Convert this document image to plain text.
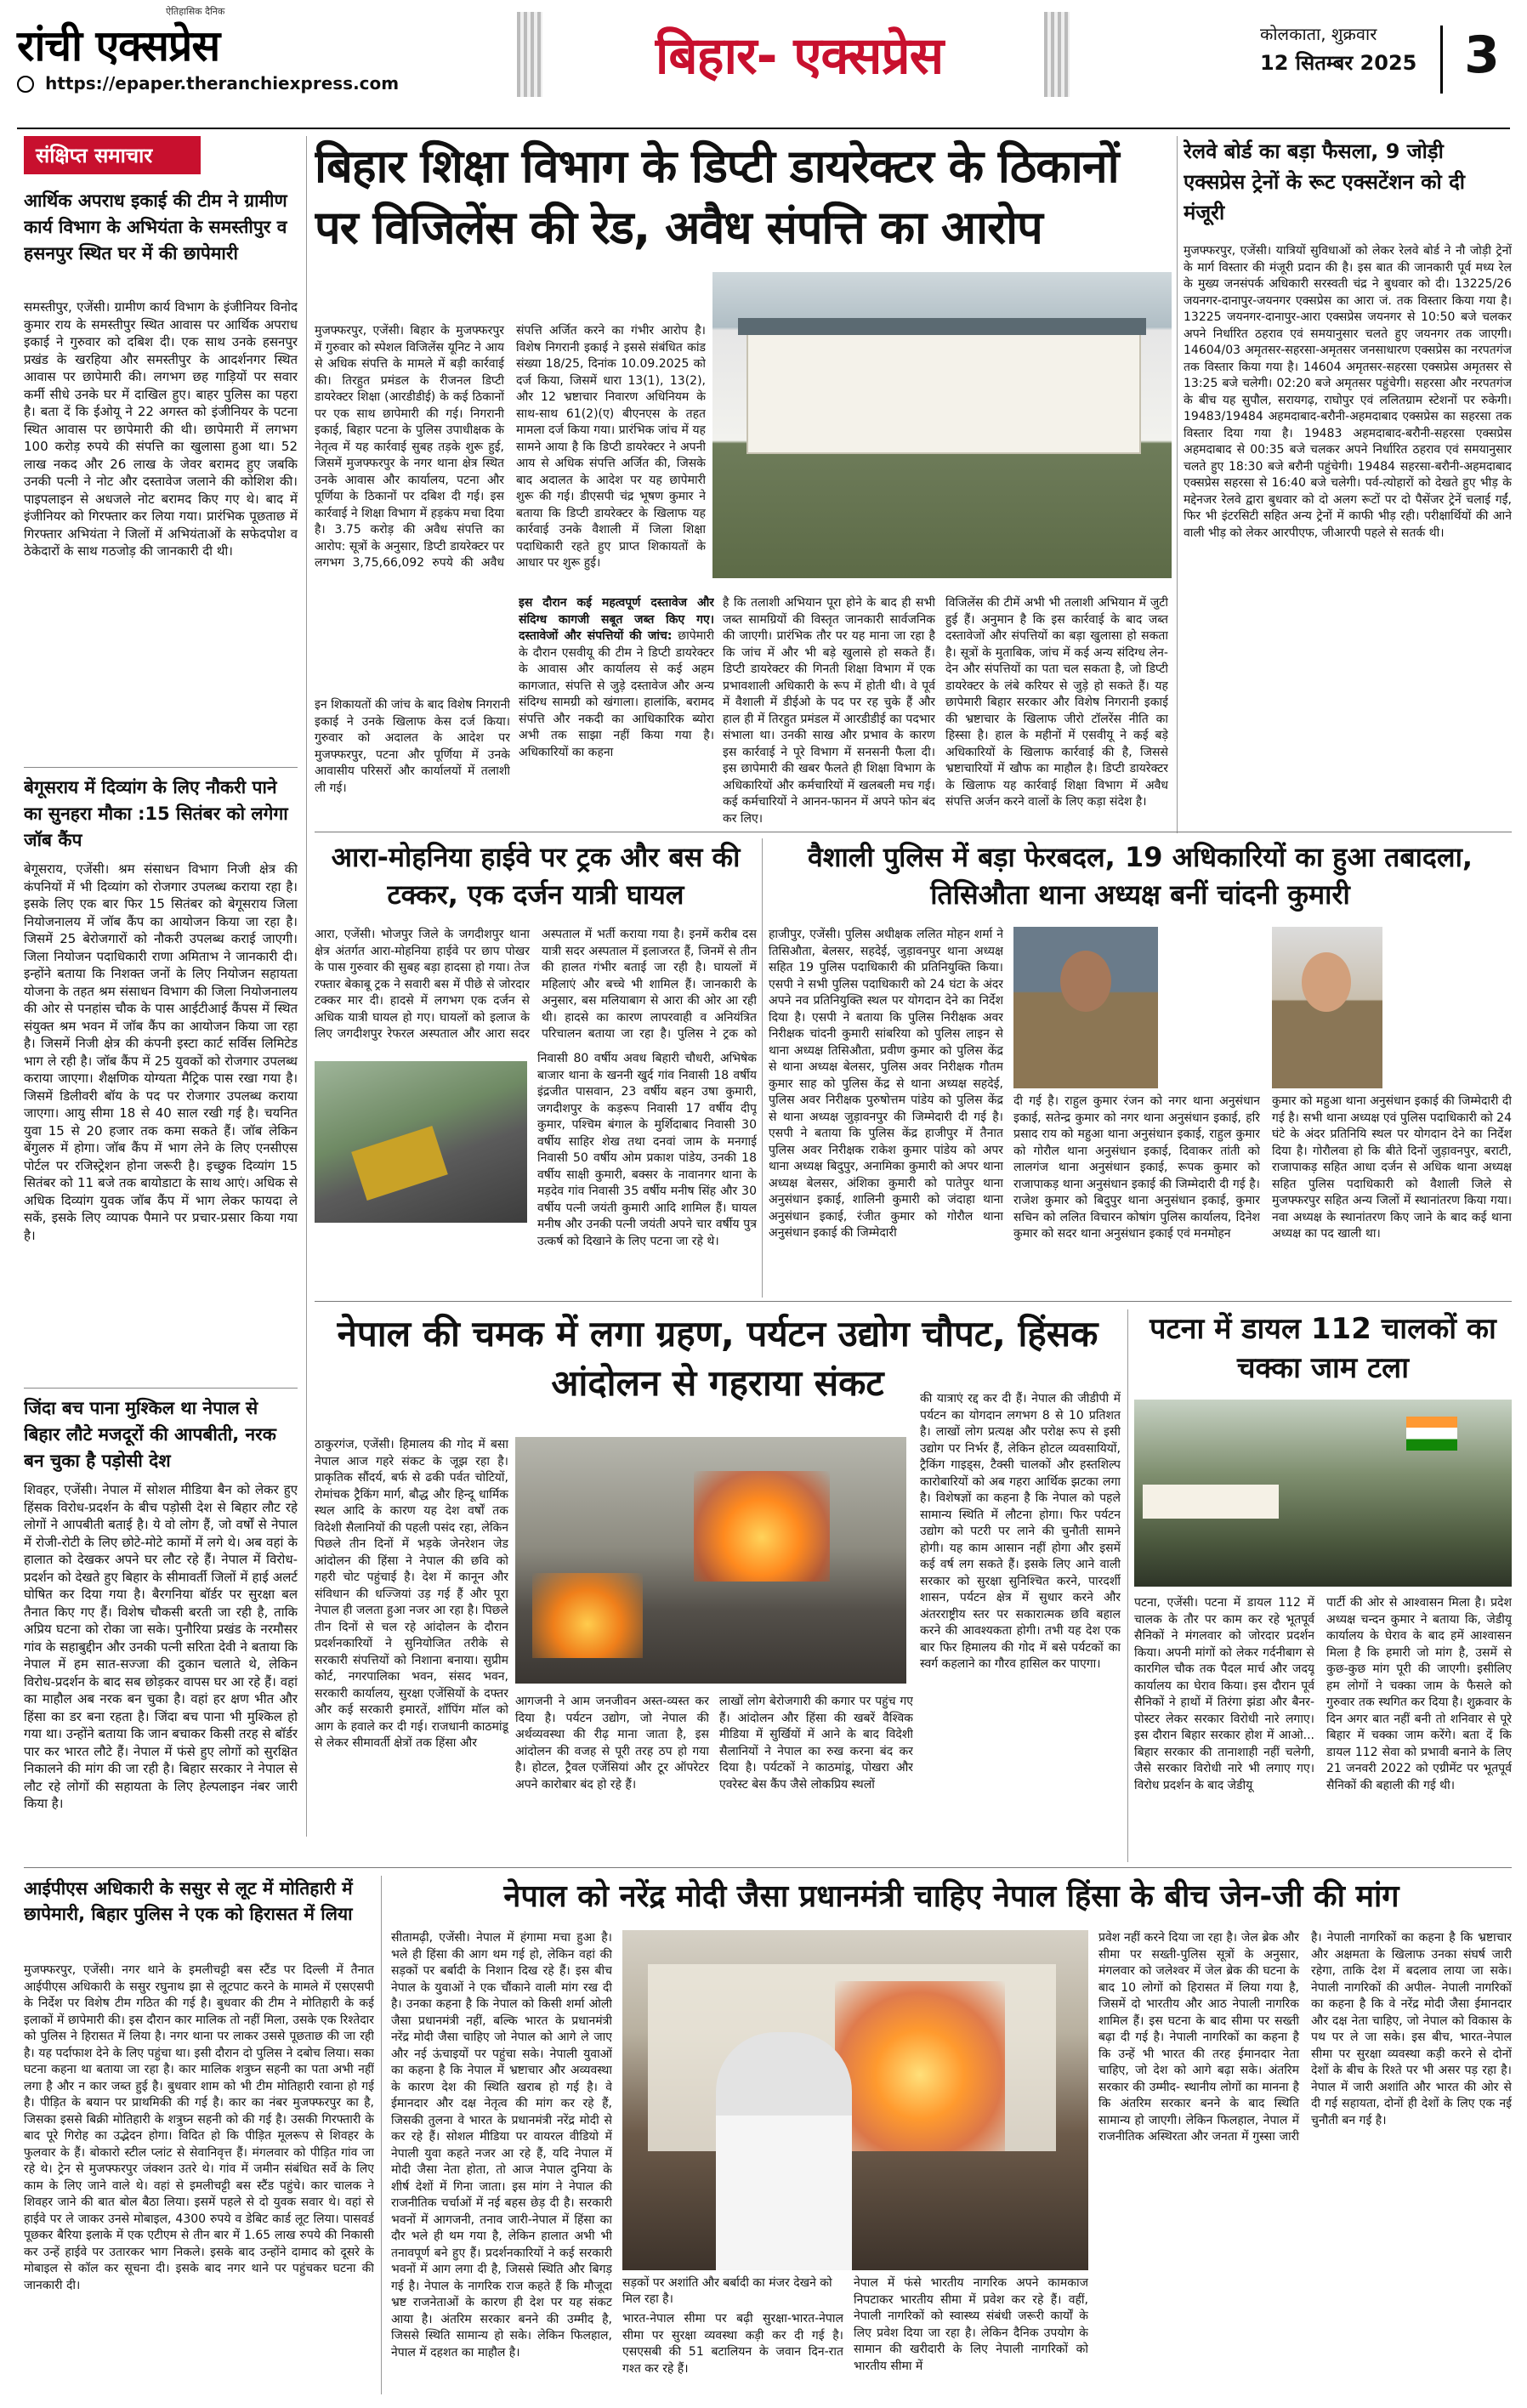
ऐतिहासिक दैनिक
रांची एक्सप्रेस
https://epaper.theranchiexpress.com	बिहार- एक्सप्रेस	कोलकाता, शुक्रवार
12 सितम्बर 2025 3
संक्षिप्त समाचार
आर्थिक अपराध इकाई की टीम ने ग्रामीण कार्य विभाग के अभियंता के समस्तीपुर व हसनपुर स्थित घर में की छापेमारी
समस्तीपुर, एजेंसी। ग्रामीण कार्य विभाग के इंजीनियर विनोद कुमार राय के समस्तीपुर स्थित आवास पर आर्थिक अपराध इकाई ने गुरुवार को दबिश दी। एक साथ उनके हसनपुर प्रखंड के खरहिया और समस्तीपुर के आदर्शनगर स्थित आवास पर छापेमारी की। लगभग छह गाड़ियों पर सवार कर्मी सीधे उनके घर में दाखिल हुए। बाहर पुलिस का पहरा है। बता दें कि ईओयू ने 22 अगस्त को इंजीनियर के पटना स्थित आवास पर छापेमारी की थी। छापेमारी में लगभग 100 करोड़ रुपये की संपत्ति का खुलासा हुआ था। 52 लाख नकद और 26 लाख के जेवर बरामद हुए जबकि उनकी पत्नी ने नोट और दस्तावेज जलाने की कोशिश की। पाइपलाइन से अधजले नोट बरामद किए गए थे। बाद में इंजीनियर को गिरफ्तार कर लिया गया। प्रारंभिक पूछताछ में गिरफ्तार अभियंता ने जिलों में अभियंताओं के सफेदपोश व ठेकेदारों के साथ गठजोड़ की जानकारी दी थी।
बेगूसराय में दिव्यांग के लिए नौकरी पाने का सुनहरा मौका :15 सितंबर को लगेगा जॉब कैंप
बेगूसराय, एजेंसी। श्रम संसाधन विभाग निजी क्षेत्र की कंपनियों में भी दिव्यांग को रोजगार उपलब्ध कराया रहा है। इसके लिए एक बार फिर 15 सितंबर को बेगूसराय जिला नियोजनालय में जॉब कैंप का आयोजन किया जा रहा है। जिसमें 25 बेरोजगारों को नौकरी उपलब्ध कराई जाएगी। जिला नियोजन पदाधिकारी राणा अमिताभ ने जानकारी दी। इन्होंने बताया कि निशक्त जनों के लिए नियोजन सहायता योजना के तहत श्रम संसाधन विभाग की जिला नियोजनालय की ओर से पनहांस चौक के पास आईटीआई कैंपस में स्थित संयुक्त श्रम भवन में जॉब कैंप का आयोजन किया जा रहा है। जिसमें निजी क्षेत्र की कंपनी इस्टा कार्ट सर्विस लिमिटेड भाग ले रही है। जॉब कैंप में 25 युवकों को रोजगार उपलब्ध कराया जाएगा। शैक्षणिक योग्यता मैट्रिक पास रखा गया है। जिसमें डिलीवरी बॉय के पद पर रोजगार उपलब्ध कराया जाएगा। आयु सीमा 18 से 40 साल रखी गई है। चयनित युवा 15 से 20 हजार तक कमा सकते हैं। जॉब लेकिन बेंगुलरु में होगा। जॉब कैंप में भाग लेने के लिए एनसीएस पोर्टल पर रजिस्ट्रेशन होना जरूरी है। इच्छुक दिव्यांग 15 सितंबर को 11 बजे तक बायोडाटा के साथ आएं। अधिक से अधिक दिव्यांग युवक जॉब कैंप में भाग लेकर फायदा ले सकें, इसके लिए व्यापक पैमाने पर प्रचार-प्रसार किया गया है।
जिंदा बच पाना मुश्किल था नेपाल से बिहार लौटे मजदूरों की आपबीती, नरक बन चुका है पड़ोसी देश
शिवहर, एजेंसी। नेपाल में सोशल मीडिया बैन को लेकर हुए हिंसक विरोध-प्रदर्शन के बीच पड़ोसी देश से बिहार लौट रहे लोगों ने आपबीती बताई है। ये वो लोग हैं, जो वर्षों से नेपाल में रोजी-रोटी के लिए छोटे-मोटे कामों में लगे थे। अब वहां के हालात को देखकर अपने घर लौट रहे हैं। नेपाल में विरोध-प्रदर्शन को देखते हुए बिहार के सीमावर्ती जिलों में हाई अलर्ट घोषित कर दिया गया है। बैरगनिया बॉर्डर पर सुरक्षा बल तैनात किए गए हैं। विशेष चौकसी बरती जा रही है, ताकि अप्रिय घटना को रोका जा सके। पुनौरिया प्रखंड के नरमौसर गांव के सहाबुद्दीन और उनकी पत्नी सरिता देवी ने बताया कि नेपाल में हम सात-सज्जा की दुकान चलाते थे, लेकिन विरोध-प्रदर्शन के बाद सब छोड़कर वापस घर आ रहे हैं। वहां का माहौल अब नरक बन चुका है। वहां हर क्षण भीत और हिंसा का डर बना रहता है। जिंदा बच पाना भी मुश्किल हो गया था। उन्होंने बताया कि जान बचाकर किसी तरह से बॉर्डर पार कर भारत लौटे हैं। नेपाल में फंसे हुए लोगों को सुरक्षित निकालने की मांग की जा रही है। बिहार सरकार ने नेपाल से लौट रहे लोगों की सहायता के लिए हेल्पलाइन नंबर जारी किया है।
बिहार शिक्षा विभाग के डिप्टी डायरेक्टर के ठिकानों पर विजिलेंस की रेड, अवैध संपत्ति का आरोप
मुजफ्फरपुर, एजेंसी। बिहार के मुजफ्फरपुर में गुरुवार को स्पेशल विजिलेंस यूनिट ने आय से अधिक संपत्ति के मामले में बड़ी कार्रवाई की। तिरहुत प्रमंडल के रीजनल डिप्टी डायरेक्टर शिक्षा (आरडीडीई) के कई ठिकानों पर एक साथ छापेमारी की गई। निगरानी इकाई, बिहार पटना के पुलिस उपाधीक्षक के नेतृत्व में यह कार्रवाई सुबह तड़के शुरू हुई, जिसमें मुजफ्फरपुर के नगर थाना क्षेत्र स्थित उनके आवास और कार्यालय, पटना और पूर्णिया के ठिकानों पर दबिश दी गई। इस कार्रवाई ने शिक्षा विभाग में हड़कंप मचा दिया है। 3.75 करोड़ की अवैध संपत्ति का आरोप: सूत्रों के अनुसार, डिप्टी डायरेक्टर पर लगभग 3,75,66,092 रुपये की अवैध संपत्ति अर्जित करने का गंभीर आरोप है। विशेष निगरानी इकाई ने इससे संबंधित कांड संख्या 18/25, दिनांक 10.09.2025 को दर्ज किया, जिसमें धारा 13(1), 13(2), और 12 भ्रष्टाचार निवारण अधिनियम के साथ-साथ 61(2)(ए) बीएनएस के तहत मामला दर्ज किया गया। प्रारंभिक जांच में यह सामने आया है कि डिप्टी डायरेक्टर ने अपनी आय से अधिक संपत्ति अर्जित की, जिसके बाद अदालत के आदेश पर यह छापेमारी शुरू की गई। डीएसपी चंद्र भूषण कुमार ने बताया कि डिप्टी डायरेक्टर के खिलाफ यह कार्रवाई उनके वैशाली में जिला शिक्षा पदाधिकारी रहते हुए प्राप्त शिकायतों के आधार पर शुरू हुई।
इन शिकायतों की जांच के बाद विशेष निगरानी इकाई ने उनके खिलाफ केस दर्ज किया। गुरुवार को अदालत के आदेश पर मुजफ्फरपुर, पटना और पूर्णिया में उनके आवासीय परिसरों और कार्यालयों में तलाशी ली गई।
इस दौरान कई महत्वपूर्ण दस्तावेज और संदिग्ध कागजी सबूत जब्त किए गए। दस्तावेजों और संपत्तियों की जांच: छापेमारी के दौरान एसवीयू की टीम ने डिप्टी डायरेक्टर के आवास और कार्यालय से कई अहम कागजात, संपत्ति से जुड़े दस्तावेज और अन्य संदिग्ध सामग्री को खंगाला। हालांकि, बरामद संपत्ति और नकदी का आधिकारिक ब्योरा अभी तक साझा नहीं किया गया है। अधिकारियों का कहना
है कि तलाशी अभियान पूरा होने के बाद ही सभी जब्त सामग्रियों की विस्तृत जानकारी सार्वजनिक की जाएगी। प्रारंभिक तौर पर यह माना जा रहा है कि जांच में और भी बड़े खुलासे हो सकते हैं। डिप्टी डायरेक्टर की गिनती शिक्षा विभाग में एक प्रभावशाली अधिकारी के रूप में होती थी। वे पूर्व में वैशाली में डीईओ के पद पर रह चुके हैं और हाल ही में तिरहुत प्रमंडल में आरडीडीई का पदभार संभाला था। उनकी साख और प्रभाव के कारण इस कार्रवाई ने पूरे विभाग में सनसनी फैला दी। इस छापेमारी की खबर फैलते ही शिक्षा विभाग के अधिकारियों और कर्मचारियों में खलबली मच गई। कई कर्मचारियों ने आनन-फानन में अपने फोन बंद कर लिए।
विजिलेंस की टीमें अभी भी तलाशी अभियान में जुटी हुई हैं। अनुमान है कि इस कार्रवाई के बाद जब्त दस्तावेजों और संपत्तियों का बड़ा खुलासा हो सकता है। सूत्रों के मुताबिक, जांच में कई अन्य संदिग्ध लेन-देन और संपत्तियों का पता चल सकता है, जो डिप्टी डायरेक्टर के लंबे करियर से जुड़े हो सकते हैं। यह छापेमारी बिहार सरकार और विशेष निगरानी इकाई की भ्रष्टाचार के खिलाफ जीरो टॉलरेंस नीति का हिस्सा है। हाल के महीनों में एसवीयू ने कई बड़े अधिकारियों के खिलाफ कार्रवाई की है, जिससे भ्रष्टाचारियों में खौफ का माहौल है। डिप्टी डायरेक्टर के खिलाफ यह कार्रवाई शिक्षा विभाग में अवैध संपत्ति अर्जन करने वालों के लिए कड़ा संदेश है।
रेलवे बोर्ड का बड़ा फैसला, 9 जोड़ी एक्सप्रेस ट्रेनों के रूट एक्सटेंशन को दी मंजूरी
मुजफ्फरपुर, एजेंसी। यात्रियों सुविधाओं को लेकर रेलवे बोर्ड ने नौ जोड़ी ट्रेनों के मार्ग विस्तार की मंजूरी प्रदान की है। इस बात की जानकारी पूर्व मध्य रेल के मुख्य जनसंपर्क अधिकारी सरस्वती चंद्र ने बुधवार को दी। 13225/26 जयनगर-दानापुर-जयनगर एक्सप्रेस का आरा जं. तक विस्तार किया गया है। 13225 जयनगर-दानापुर-आरा एक्सप्रेस जयनगर से 10:50 बजे चलकर अपने निर्धारित ठहराव एवं समयानुसार चलते हुए जयनगर तक जाएगी। 14604/03 अमृतसर-सहरसा-अमृतसर जनसाधारण एक्सप्रेस का नरपतगंज तक विस्तार किया गया है। 14604 अमृतसर-सहरसा एक्सप्रेस अमृतसर से 13:25 बजे चलेगी। 02:20 बजे अमृतसर पहुंचेगी। सहरसा और नरपतगंज के बीच यह सुपौल, सरायगढ़, राघोपुर एवं ललितग्राम स्टेशनों पर रुकेगी। 19483/19484 अहमदाबाद-बरौनी-अहमदाबाद एक्सप्रेस का सहरसा तक विस्तार दिया गया है। 19483 अहमदाबाद-बरौनी-सहरसा एक्सप्रेस अहमदाबाद से 00:35 बजे चलकर अपने निर्धारित ठहराव एवं समयानुसार चलते हुए 18:30 बजे बरौनी पहुंचेगी। 19484 सहरसा-बरौनी-अहमदाबाद एक्सप्रेस सहरसा से 16:40 बजे चलेगी। पर्व-त्योहारों को देखते हुए भीड़ के मद्देनजर रेलवे द्वारा बुधवार को दो अलग रूटों पर दो पैसेंजर ट्रेनें चलाई गईं, फिर भी इंटरसिटी सहित अन्य ट्रेनों में काफी भीड़ रही। परीक्षार्थियों की आने वाली भीड़ को लेकर आरपीएफ, जीआरपी पहले से सतर्क थी।
आरा-मोहनिया हाईवे पर ट्रक और बस की टक्कर, एक दर्जन यात्री घायल
आरा, एजेंसी। भोजपुर जिले के जगदीशपुर थाना क्षेत्र अंतर्गत आरा-मोहनिया हाईवे पर छाप पोखर के पास गुरुवार की सुबह बड़ा हादसा हो गया। तेज रफ्तार बेकाबू ट्रक ने सवारी बस में पीछे से जोरदार टक्कर मार दी। हादसे में लगभग एक दर्जन से अधिक यात्री घायल हो गए। घायलों को इलाज के लिए जगदीशपुर रेफरल अस्पताल और आरा सदर अस्पताल में भर्ती कराया गया है। इनमें करीब दस यात्री सदर अस्पताल में इलाजरत हैं, जिनमें से तीन की हालत गंभीर बताई जा रही है। घायलों में महिलाएं और बच्चे भी शामिल हैं। जानकारी के अनुसार, बस मलियाबाग से आरा की ओर आ रही थी। हादसे का कारण लापरवाही व अनियंत्रित परिचालन बताया जा रहा है। पुलिस ने ट्रक को
निवासी 80 वर्षीय अवध बिहारी चौधरी, अभिषेक बाजार थाना के खननी खुर्द गांव निवासी 18 वर्षीय इंद्रजीत पासवान, 23 वर्षीय बहन उषा कुमारी, जगदीशपुर के कड़रूप निवासी 17 वर्षीय दीपू कुमार, पश्चिम बंगाल के मुर्शिदाबाद निवासी 30 वर्षीय साहिर शेख तथा दनवां जाम के मनगाई निवासी 50 वर्षीय ओम प्रकाश पांडेय, उनकी 18 वर्षीय साक्षी कुमारी, बक्सर के नावानगर थाना के मड़देव गांव निवासी 35 वर्षीय मनीष सिंह और 30 वर्षीय पत्नी जयंती कुमारी आदि शामिल हैं। घायल मनीष और उनकी पत्नी जयंती अपने चार वर्षीय पुत्र उत्कर्ष को दिखाने के लिए पटना जा रहे थे।
वैशाली पुलिस में बड़ा फेरबदल, 19 अधिकारियों का हुआ तबादला, तिसिऔता थाना अध्यक्ष बनीं चांदनी कुमारी
हाजीपुर, एजेंसी। पुलिस अधीक्षक ललित मोहन शर्मा ने तिसिऔता, बेलसर, सहदेई, जुड़ावनपुर थाना अध्यक्ष सहित 19 पुलिस पदाधिकारी की प्रतिनियुक्ति किया। एसपी ने सभी पुलिस पदाधिकारी को 24 घंटा के अंदर अपने नव प्रतिनियुक्ति स्थल पर योगदान देने का निर्देश दिया है। एसपी ने बताया कि पुलिस निरीक्षक अवर निरीक्षक चांदनी कुमारी सांबरिया को पुलिस लाइन से थाना अध्यक्ष तिसिऔता, प्रवीण कुमार को पुलिस केंद्र से थाना अध्यक्ष बेलसर, पुलिस अवर निरीक्षक गौतम कुमार साह को पुलिस केंद्र से थाना अध्यक्ष सहदेई, पुलिस अवर निरीक्षक पुरुषोत्तम पांडेय को पुलिस केंद्र से थाना अध्यक्ष जुड़ावनपुर की जिम्मेदारी दी गई है। एसपी ने बताया कि पुलिस केंद्र हाजीपुर में तैनात पुलिस अवर निरीक्षक राकेश कुमार पांडेय को अपर थाना अध्यक्ष बिदुपुर, अनामिका कुमारी को अपर थाना अध्यक्ष बेलसर, अंशिका कुमारी को पातेपुर थाना अनुसंधान इकाई, शालिनी कुमारी को जंदाहा थाना अनुसंधान इकाई, रंजीत कुमार को गोरौल थाना अनुसंधान इकाई की जिम्मेदारी
दी गई है। राहुल कुमार रंजन को नगर थाना अनुसंधान इकाई, सतेन्द्र कुमार को नगर थाना अनुसंधान इकाई, हरि प्रसाद राय को महुआ थाना अनुसंधान इकाई, राहुल कुमार को गोरौल थाना अनुसंधान इकाई, दिवाकर तांती को लालगंज थाना अनुसंधान इकाई, रूपक कुमार को राजापाकड़ थाना अनुसंधान इकाई की जिम्मेदारी दी गई है। राजेश कुमार को बिदुपुर थाना अनुसंधान इकाई, कुमार सचिन को ललित विचारन कोषांग पुलिस कार्यालय, दिनेश कुमार को सदर थाना अनुसंधान इकाई एवं मनमोहन
कुमार को महुआ थाना अनुसंधान इकाई की जिम्मेदारी दी गई है। सभी थाना अध्यक्ष एवं पुलिस पदाधिकारी को 24 घंटे के अंदर प्रतिनियि स्थल पर योगदान देने का निर्देश दिया है। गोरौलवा हो कि बीते दिनों जुड़ावनपुर, बराटी, राजापाकड़ सहित आधा दर्जन से अधिक थाना अध्यक्ष सहित पुलिस पदाधिकारी को वैशाली जिले से मुजफ्फरपुर सहित अन्य जिलों में स्थानांतरण किया गया। नवा अध्यक्ष के स्थानांतरण किए जाने के बाद कई थाना अध्यक्ष का पद खाली था।
नेपाल की चमक में लगा ग्रहण, पर्यटन उद्योग चौपट, हिंसक आंदोलन से गहराया संकट
ठाकुरगंज, एजेंसी। हिमालय की गोद में बसा नेपाल आज गहरे संकट के जूझ रहा है। प्राकृतिक सौंदर्य, बर्फ से ढकी पर्वत चोटियों, रोमांचक ट्रैकिंग मार्ग, बौद्ध और हिन्दू धार्मिक स्थल आदि के कारण यह देश वर्षों तक विदेशी सैलानियों की पहली पसंद रहा, लेकिन पिछले तीन दिनों में भड़के जेनरेशन जेड आंदोलन की हिंसा ने नेपाल की छवि को गहरी चोट पहुंचाई है। देश में कानून और संविधान की धज्जियां उड़ गई हैं और पूरा नेपाल ही जलता हुआ नजर आ रहा है। पिछले तीन दिनों से चल रहे आंदोलन के दौरान प्रदर्शनकारियों ने सुनियोजित तरीके से सरकारी संपत्तियों को निशाना बनाया। सुप्रीम कोर्ट, नगरपालिका भवन, संसद भवन, सरकारी कार्यालय, सुरक्षा एजेंसियों के दफ्तर और कई सरकारी इमारतें, शॉपिंग मॉल को आग के हवाले कर दी गई। राजधानी काठमांडू से लेकर सीमावर्ती क्षेत्रों तक हिंसा और
आगजनी ने आम जनजीवन अस्त-व्यस्त कर दिया है। पर्यटन उद्योग, जो नेपाल की अर्थव्यवस्था की रीढ़ माना जाता है, इस आंदोलन की वजह से पूरी तरह ठप हो गया है। होटल, ट्रैवल एजेंसियां और टूर ऑपरेटर अपने कारोबार बंद हो रहे हैं।
लाखों लोग बेरोजगारी की कगार पर पहुंच गए हैं। आंदोलन और हिंसा की खबरें वैश्विक मीडिया में सुर्खियों में आने के बाद विदेशी सैलानियों ने नेपाल का रुख करना बंद कर दिया है। पर्यटकों ने काठमांडू, पोखरा और एवरेस्ट बेस कैंप जैसे लोकप्रिय स्थलों
की यात्राएं रद्द कर दी हैं। नेपाल की जीडीपी में पर्यटन का योगदान लगभग 8 से 10 प्रतिशत है। लाखों लोग प्रत्यक्ष और परोक्ष रूप से इसी उद्योग पर निर्भर हैं, लेकिन होटल व्यवसायियों, ट्रैकिंग गाइड्स, टैक्सी चालकों और हस्तशिल्प कारोबारियों को अब गहरा आर्थिक झटका लगा है। विशेषज्ञों का कहना है कि नेपाल को पहले सामान्य स्थिति में लौटना होगा। फिर पर्यटन उद्योग को पटरी पर लाने की चुनौती सामने होगी। यह काम आसान नहीं होगा और इसमें कई वर्ष लग सकते हैं। इसके लिए आने वाली सरकार को सुरक्षा सुनिश्चित करने, पारदर्शी शासन, पर्यटन क्षेत्र में सुधार करने और अंतरराष्ट्रीय स्तर पर सकारात्मक छवि बहाल करने की आवश्यकता होगी। तभी यह देश एक बार फिर हिमालय की गोद में बसे पर्यटकों का स्वर्ग कहलाने का गौरव हासिल कर पाएगा।
पटना में डायल 112 चालकों का चक्का जाम टला
पटना, एजेंसी। पटना में डायल 112 में चालक के तौर पर काम कर रहे भूतपूर्व सैनिकों ने मंगलवार को जोरदार प्रदर्शन किया। अपनी मांगों को लेकर गर्दनीबाग से कारगिल चौक तक पैदल मार्च और जदयू कार्यालय का घेराव किया। इस दौरान पूर्व सैनिकों ने हाथों में तिरंगा झंडा और बैनर-पोस्टर लेकर सरकार विरोधी नारे लगाए। इस दौरान बिहार सरकार होश में आओ... बिहार सरकार की तानाशाही नहीं चलेगी, जैसे सरकार विरोधी नारे भी लगाए गए। विरोध प्रदर्शन के बाद जेडीयू
पार्टी की ओर से आश्वासन मिला है। प्रदेश अध्यक्ष चन्दन कुमार ने बताया कि, जेडीयू कार्यालय के घेराव के बाद हमें आश्वासन मिला है कि हमारी जो मांग है, उसमें से कुछ-कुछ मांग पूरी की जाएगी। इसीलिए हम लोगों ने चक्का जाम के फैसले को गुरुवार तक स्थगित कर दिया है। शुक्रवार के दिन अगर बात नहीं बनी तो शनिवार से पूरे बिहार में चक्का जाम करेंगे। बता दें कि डायल 112 सेवा को प्रभावी बनाने के लिए 21 जनवरी 2022 को एग्रीमेंट पर भूतपूर्व सैनिकों की बहाली की गई थी।
आईपीएस अधिकारी के ससुर से लूट में मोतिहारी में छापेमारी, बिहार पुलिस ने एक को हिरासत में लिया
मुजफ्फरपुर, एजेंसी। नगर थाने के इमलीचट्टी बस स्टैंड पर दिल्ली में तैनात आईपीएस अधिकारी के ससुर रघुनाथ झा से लूटपाट करने के मामले में एसएसपी के निर्देश पर विशेष टीम गठित की गई है। बुधवार की टीम ने मोतिहारी के कई इलाकों में छापेमारी की। इस दौरान कार मालिक तो नहीं मिला, उसके एक रिश्तेदार को पुलिस ने हिरासत में लिया है। नगर थाना पर लाकर उससे पूछताछ की जा रही है। यह पर्दाफाश देने के लिए पहुंचा था। इसी दौरान दो पुलिस ने दबोच लिया। सका घटना कहना था बताया जा रहा है। कार मालिक शत्रुघ्न सहनी का पता अभी नहीं लगा है और न कार जब्त हुई है। बुधवार शाम को भी टीम मोतिहारी रवाना हो गई है। पीड़ित के बयान पर प्राथमिकी की गई है। कार का नंबर मुजफ्फरपुर का है, जिसका इससे बिक्री मोतिहारी के शत्रुघ्न सहनी को की गई है। उसकी गिरफ्तारी के बाद पूरे गिरोह का उद्भेदन होगा। विदित हो कि पीड़ित मूलरूप से शिवहर के फुलवार के हैं। बोकारो स्टील प्लांट से सेवानिवृत्त हैं। मंगलवार को पीड़ित गांव जा रहे थे। ट्रेन से मुजफ्फरपुर जंक्शन उतरे थे। गांव में जमीन संबंधित सर्वे के लिए काम के लिए जाने वाले थे। वहां से इमलीचट्टी बस स्टैंड पहुंचे। कार चालक ने शिवहर जाने की बात बोल बैठा लिया। इसमें पहले से दो युवक सवार थे। वहां से हाईवे पर ले जाकर उनसे मोबाइल, 4300 रुपये व डेबिट कार्ड लूट लिया। पासवर्ड पूछकर बैरिया इलाके में एक एटीएम से तीन बार में 1.65 लाख रुपये की निकासी कर उन्हें हाईवे पर उतारकर भाग निकले। इसके बाद उन्होंने दामाद को दूसरे के मोबाइल से कॉल कर सूचना दी। इसके बाद नगर थाने पर पहुंचकर घटना की जानकारी दी।
नेपाल को नरेंद्र मोदी जैसा प्रधानमंत्री चाहिए नेपाल हिंसा के बीच जेन-जी की मांग
सीतामढ़ी, एजेंसी। नेपाल में हंगामा मचा हुआ है। भले ही हिंसा की आग थम गई हो, लेकिन वहां की सड़कों पर बर्बादी के निशान दिख रहे हैं। इस बीच नेपाल के युवाओं ने एक चौंकाने वाली मांग रख दी है। उनका कहना है कि नेपाल को किसी शर्मा ओली जैसा प्रधानमंत्री नहीं, बल्कि भारत के प्रधानमंत्री नरेंद्र मोदी जैसा चाहिए जो नेपाल को आगे ले जाए और नई ऊंचाइयों पर पहुंचा सके। नेपाली युवाओं का कहना है कि नेपाल में भ्रष्टाचार और अव्यवस्था के कारण देश की स्थिति खराब हो गई है। वे ईमानदार और दक्ष नेतृत्व की मांग कर रहे हैं, जिसकी तुलना वे भारत के प्रधानमंत्री नरेंद्र मोदी से कर रहे हैं। सोशल मीडिया पर वायरल वीडियो में नेपाली युवा कहते नजर आ रहे हैं, यदि नेपाल में मोदी जैसा नेता होता, तो आज नेपाल दुनिया के शीर्ष देशों में गिना जाता। इस मांग ने नेपाल की राजनीतिक चर्चाओं में नई बहस छेड़ दी है। सरकारी भवनों में आगजनी, तनाव जारी-नेपाल में हिंसा का दौर भले ही थम गया है, लेकिन हालात अभी भी तनावपूर्ण बने हुए हैं। प्रदर्शनकारियों ने कई सरकारी भवनों में आग लगा दी है, जिससे स्थिति और बिगड़ गई है। नेपाल के नागरिक राज कहते हैं कि मौजूदा भ्रष्ट राजनेताओं के कारण ही देश पर यह संकट आया है। अंतरिम सरकार बनने की उम्मीद है, जिससे स्थिति सामान्य हो सके। लेकिन फिलहाल, नेपाल में दहशत का माहौल है।
सड़कों पर अशांति और बर्बादी का मंजर देखने को मिल रहा है।
भारत-नेपाल सीमा पर बढ़ी सुरक्षा-भारत-नेपाल सीमा पर सुरक्षा व्यवस्था कड़ी कर दी गई है। एसएसबी की 51 बटालियन के जवान दिन-रात गश्त कर रहे हैं।
नेपाल में फंसे भारतीय नागरिक अपने कामकाज निपटाकर भारतीय सीमा में प्रवेश कर रहे हैं। वहीं, नेपाली नागरिकों को स्वास्थ्य संबंधी जरूरी कार्यों के लिए प्रवेश दिया जा रहा है। लेकिन दैनिक उपयोग के सामान की खरीदारी के लिए नेपाली नागरिकों को भारतीय सीमा में
प्रवेश नहीं करने दिया जा रहा है। जेल ब्रेक और सीमा पर सख्ती-पुलिस सूत्रों के अनुसार, मंगलवार को जलेश्वर में जेल ब्रेक की घटना के बाद 10 लोगों को हिरासत में लिया गया है, जिसमें दो भारतीय और आठ नेपाली नागरिक शामिल हैं। इस घटना के बाद सीमा पर सख्ती बढ़ा दी गई है। नेपाली नागरिकों का कहना है कि उन्हें भी भारत की तरह ईमानदार नेता चाहिए, जो देश को आगे बढ़ा सके। अंतरिम सरकार की उम्मीद- स्थानीय लोगों का मानना है कि अंतरिम सरकार बनने के बाद स्थिति सामान्य हो जाएगी। लेकिन फिलहाल, नेपाल में राजनीतिक अस्थिरता और जनता में गुस्सा जारी है। नेपाली नागरिकों का कहना है कि भ्रष्टाचार और अक्षमता के खिलाफ उनका संघर्ष जारी रहेगा, ताकि देश में बदलाव लाया जा सके। नेपाली नागरिकों की अपील- नेपाली नागरिकों का कहना है कि वे नरेंद्र मोदी जैसा ईमानदार और दक्ष नेता चाहिए, जो नेपाल को विकास के पथ पर ले जा सके। इस बीच, भारत-नेपाल सीमा पर सुरक्षा व्यवस्था कड़ी करने से दोनों देशों के बीच के रिश्ते पर भी असर पड़ रहा है। नेपाल में जारी अशांति और भारत की ओर से दी गई सहायता, दोनों ही देशों के लिए एक नई चुनौती बन गई है।
